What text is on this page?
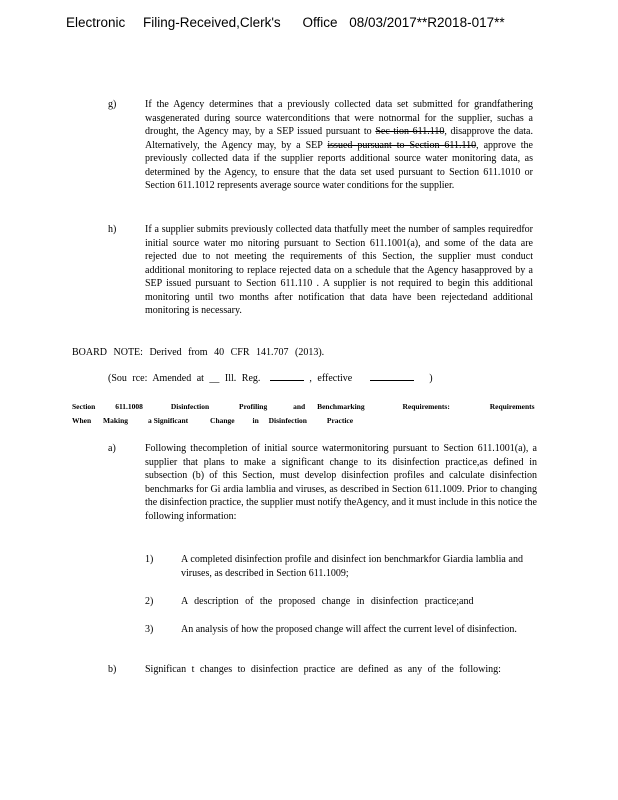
Electronic Filing-Received,Clerk's Office 08/03/2017**R2018-017**
g)	If the Agency determines that a previously collected data set submitted for grandfathering wasgenerated during source waterconditions that were notnormal for the supplier, suchas a drought, the Agency may, by a SEP issued pursuant to Sec tion 611.110, disapprove the data. Alternatively, the Agency may, by a SEP issued pursuant to Section 611.110, approve the previously collected data if the supplier reports additional source water monitoring data, as determined by the Agency, to ensure that the data set used pursuant to Section 611.1010 or Section 611.1012 represents average source water conditions for the supplier.
h)	If a supplier submits previously collected data thatfully meet the number of samples requiredfor initial source water mo nitoring pursuant to Section 611.1001(a), and some of the data are rejected due to not meeting the requirements of this Section, the supplier must conduct additional monitoring to replace rejected data on a schedule that the Agency hasapproved by a SEP issued pursuant to Section 611.110 . A supplier is not required to begin this additional monitoring until two months after notification that data have been rejectedand additional monitoring is necessary.
BOARD NOTE: Derived from 40 CFR 141.707 (2013).
(Sou rce: Amended at __ Ill. Reg.	, effective	)
Section	611.1008	Disinfection	Profiling	and Benchmarking	Requirements:	Requirements
When Making	a Significant	Change in Disinfection	Practice
a)	Following thecompletion of initial source watermonitoring pursuant to Section 611.1001(a), a supplier that plans to make a significant change to its disinfection practice,as defined in subsection (b) of this Section, must develop disinfection profiles and calculate disinfection benchmarks for Gi ardia lamblia and viruses, as described in Section 611.1009. Prior to changing the disinfection practice, the supplier must notify theAgency, and it must include in this notice the following information:
1)	A completed disinfection profile and disinfect ion benchmarkfor Giardia lamblia and viruses, as described in Section 611.1009;
2)	A description of the proposed change in disinfection practice;and
3)	An analysis of how the proposed change will affect the current level of disinfection.
b)	Significan t changes to disinfection practice are defined as any of the following:
